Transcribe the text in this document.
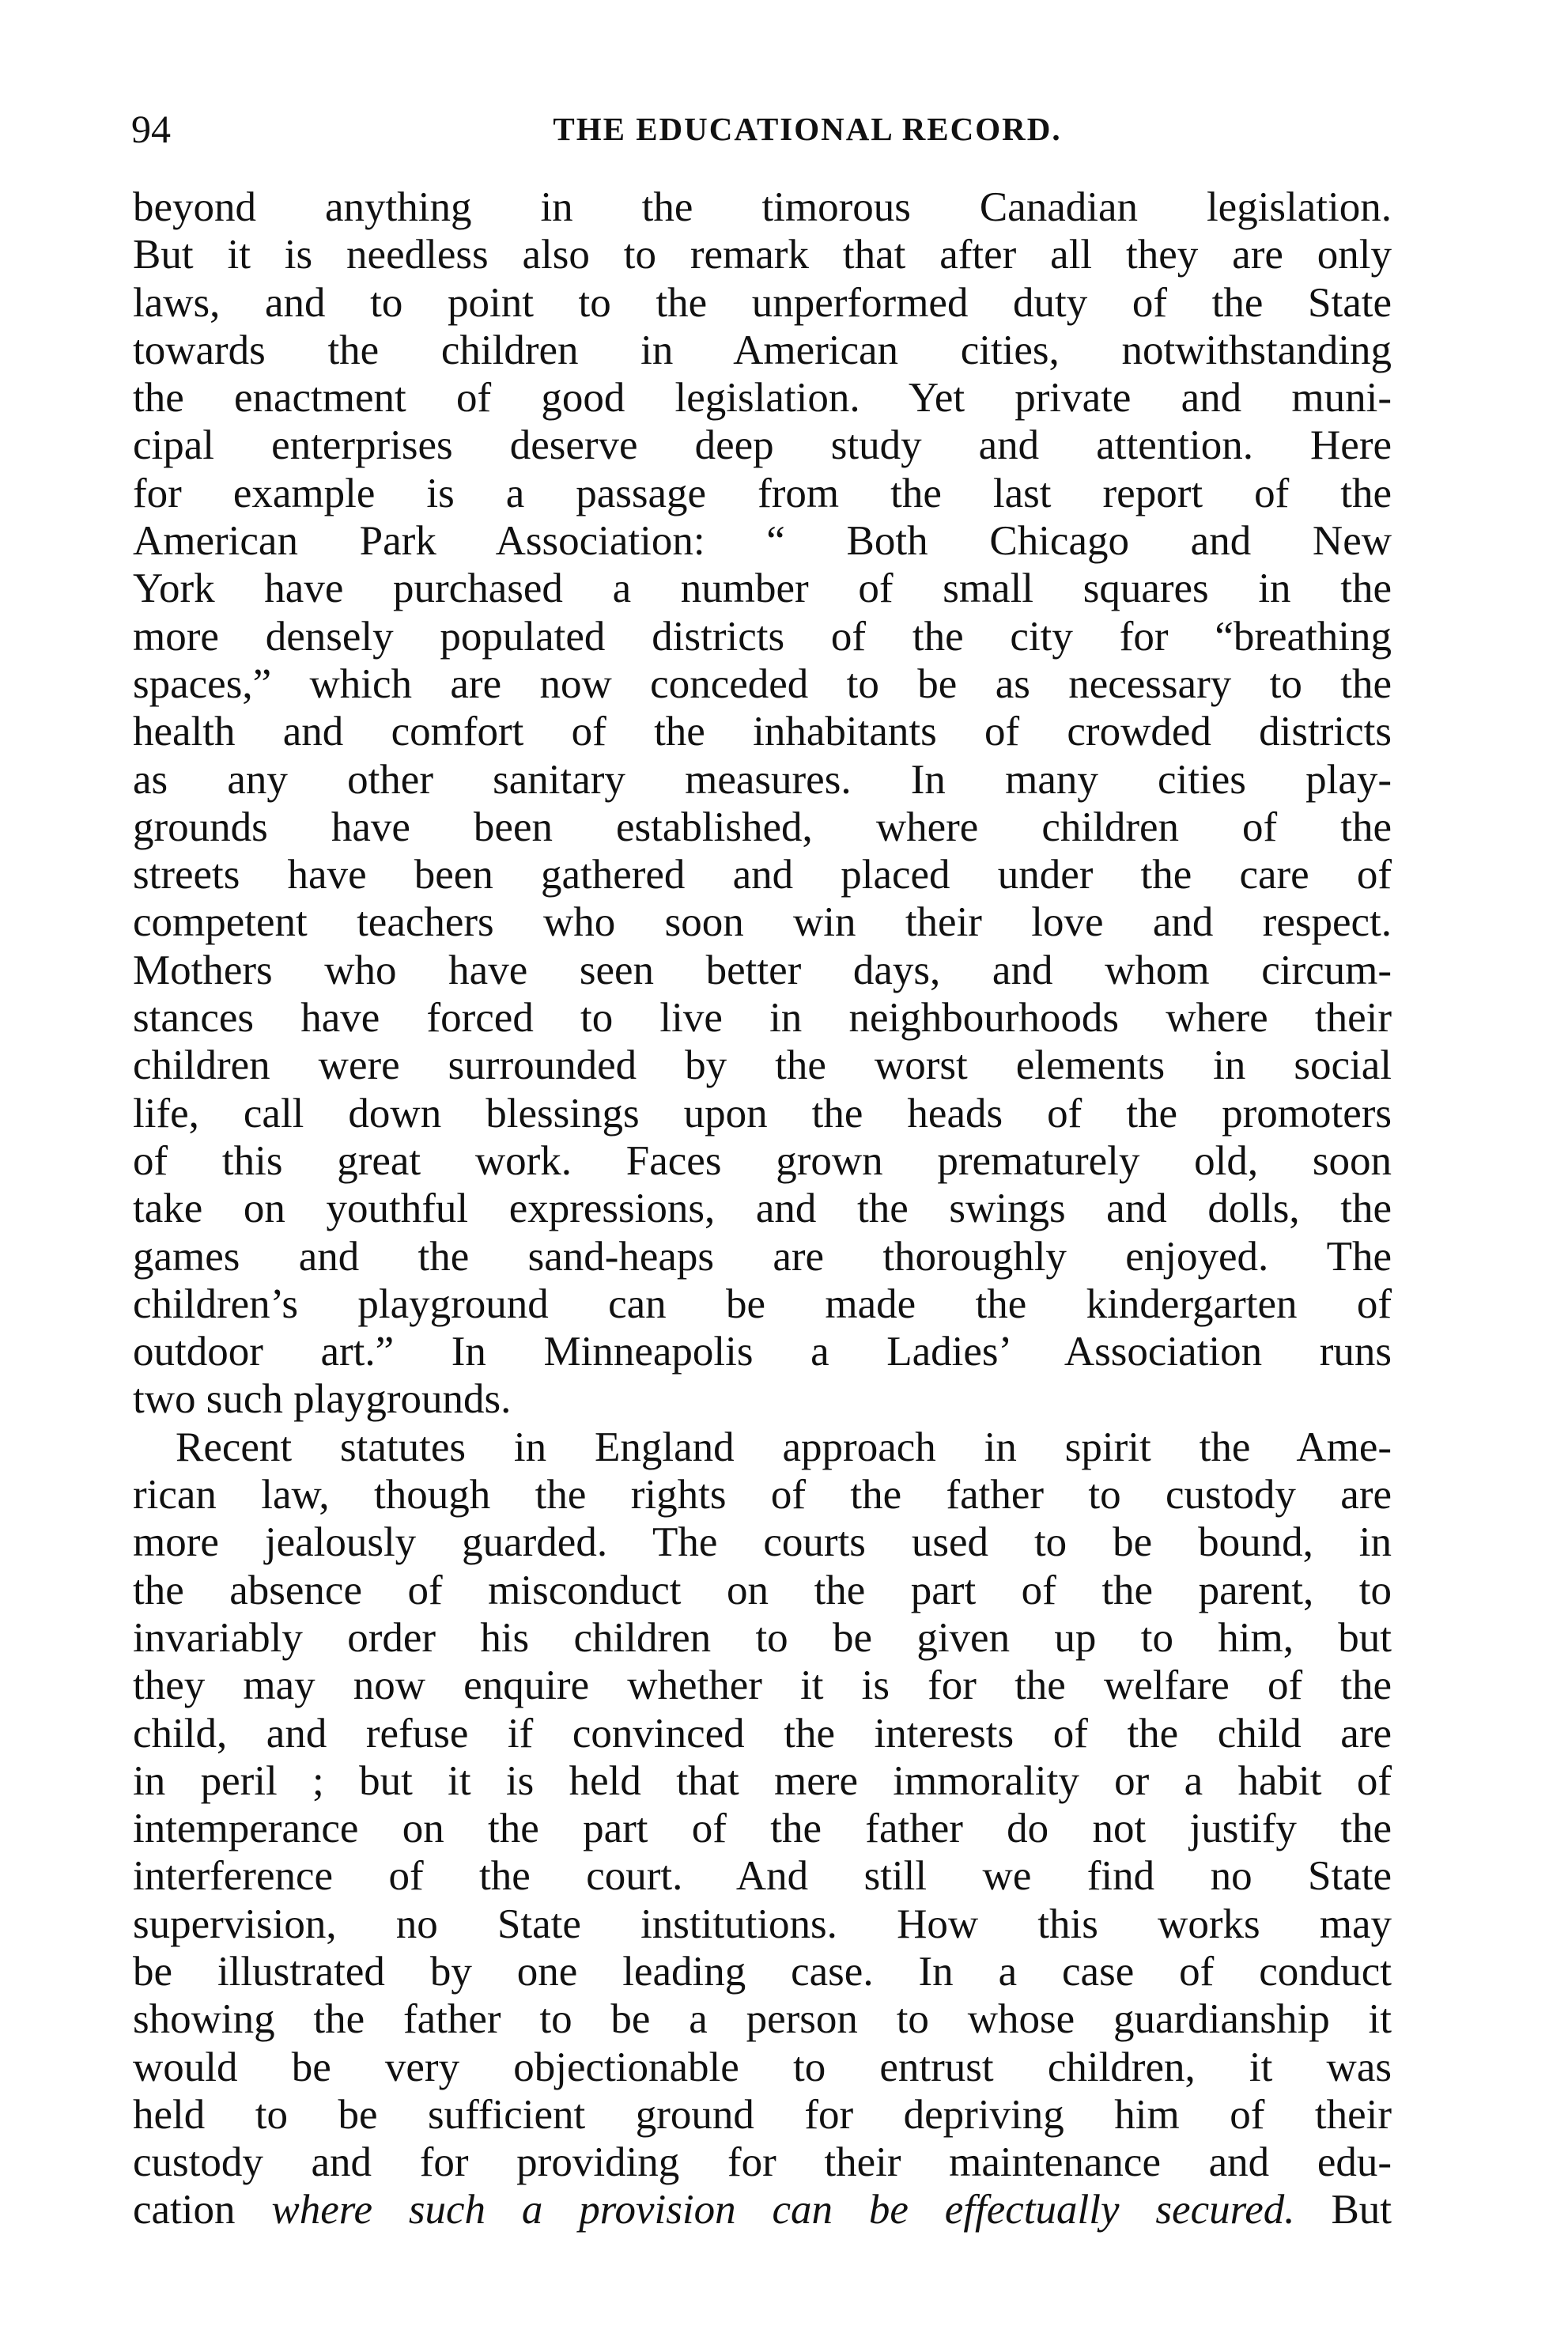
94	THE EDUCATIONAL RECORD.
beyond anything in the timorous Canadian legislation.
But it is needless also to remark that after all they are only
laws, and to point to the unperformed duty of the State
towards the children in American cities, notwithstanding
the enactment of good legislation. Yet private and muni-
cipal enterprises deserve deep study and attention. Here
for example is a passage from the last report of the
American Park Association: “ Both Chicago and New
York have purchased a number of small squares in the
more densely populated districts of the city for “breathing
spaces,” which are now conceded to be as necessary to the
health and comfort of the inhabitants of crowded districts
as any other sanitary measures. In many cities play-
grounds have been established, where children of the
streets have been gathered and placed under the care of
competent teachers who soon win their love and respect.
Mothers who have seen better days, and whom circum-
stances have forced to live in neighbourhoods where their
children were surrounded by the worst elements in social
life, call down blessings upon the heads of the promoters
of this great work. Faces grown prematurely old, soon
take on youthful expressions, and the swings and dolls, the
games and the sand-heaps are thoroughly enjoyed. The
children’s playground can be made the kindergarten of
outdoor art.” In Minneapolis a Ladies’ Association runs
two such playgrounds.
Recent statutes in England approach in spirit the Ame-
rican law, though the rights of the father to custody are
more jealously guarded. The courts used to be bound, in
the absence of misconduct on the part of the parent, to
invariably order his children to be given up to him, but
they may now enquire whether it is for the welfare of the
child, and refuse if convinced the interests of the child are
in peril ; but it is held that mere immorality or a habit of
intemperance on the part of the father do not justify the
interference of the court. And still we find no State
supervision, no State institutions. How this works may
be illustrated by one leading case. In a case of conduct
showing the father to be a person to whose guardianship it
would be very objectionable to entrust children, it was
held to be sufficient ground for depriving him of their
custody and for providing for their maintenance and edu-
cation where such a provision can be effectually secured. But
